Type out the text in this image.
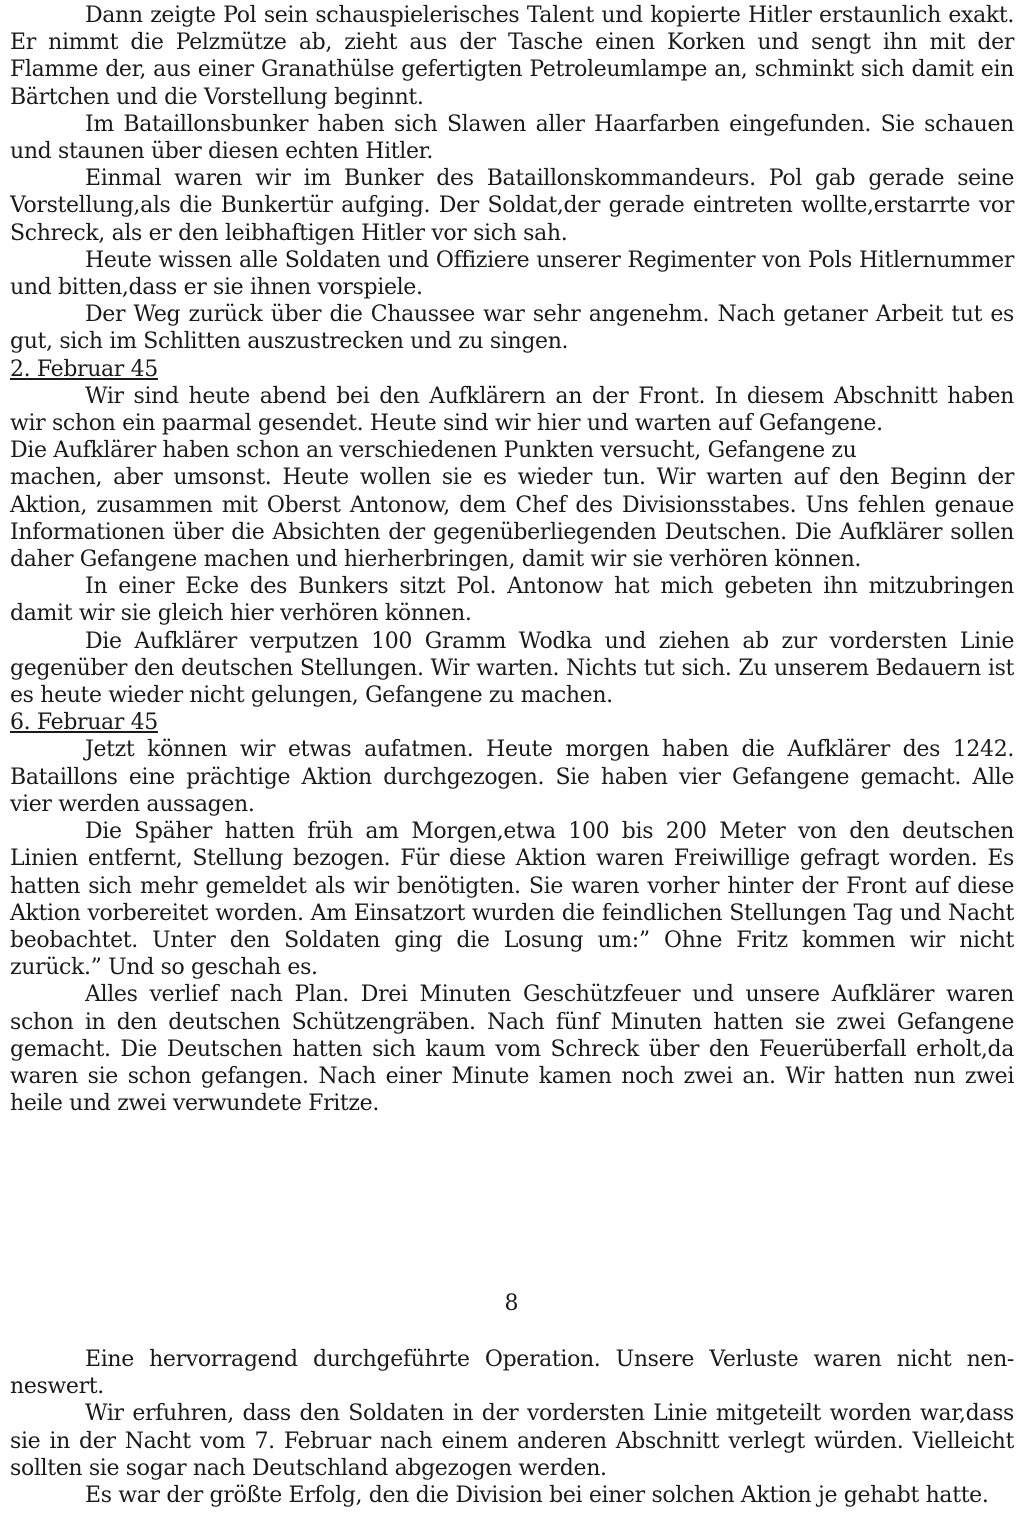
Dann zeigte Pol sein schauspielerisches Talent und kopierte Hitler erstaunlich exakt. Er nimmt die Pelzmütze ab, zieht aus der Tasche einen Korken und sengt ihn mit der Flamme der, aus einer Granathülse gefertigten Petroleumlampe an, schminkt sich damit ein Bärtchen und die Vorstellung beginnt.

Im Bataillonsbunker haben sich Slawen aller Haarfarben eingefunden. Sie schauen und staunen über diesen echten Hitler.

Einmal waren wir im Bunker des Bataillonskommandeurs. Pol gab gerade seine Vorstellung,als die Bunkertür aufging. Der Soldat,der gerade eintreten wollte,erstarrte vor Schreck, als er den leibhaftigen Hitler vor sich sah.

Heute wissen alle Soldaten und Offiziere unserer Regimenter von Pols Hitlernummer und bitten,dass er sie ihnen vorspiele.

Der Weg zurück über die Chaussee war sehr angenehm. Nach getaner Arbeit tut es gut, sich im Schlitten auszustrecken und zu singen.

2. Februar 45

Wir sind heute abend bei den Aufklärern an der Front. In diesem Abschnitt haben wir schon ein paarmal gesendet. Heute sind wir hier und warten auf Gefangene.

Die Aufklärer haben schon an verschiedenen Punkten versucht, Gefangene zu

machen, aber umsonst. Heute wollen sie es wieder tun. Wir warten auf den Beginn der Aktion, zusammen mit Oberst Antonow, dem Chef des Divisionsstabes. Uns fehlen genaue Informationen über die Absichten der gegenüberliegenden Deutschen. Die Aufklärer sollen daher Gefangene machen und hierherbringen, damit wir sie verhören können.

In einer Ecke des Bunkers sitzt Pol. Antonow hat mich gebeten ihn mitzubringen damit wir sie gleich hier verhören können.

Die Aufklärer verputzen 100 Gramm Wodka und ziehen ab zur vordersten Linie gegenüber den deutschen Stellungen. Wir warten. Nichts tut sich. Zu unserem Bedauern ist es heute wieder nicht gelungen, Gefangene zu machen.

6. Februar 45

Jetzt können wir etwas aufatmen. Heute morgen haben die Aufklärer des 1242. Bataillons eine prächtige Aktion durchgezogen. Sie haben vier Gefangene gemacht. Alle vier werden aussagen.

Die Späher hatten früh am Morgen,etwa 100 bis 200 Meter von den deutschen Linien entfernt, Stellung bezogen. Für diese Aktion waren Freiwillige gefragt worden. Es hatten sich mehr gemeldet als wir benötigten. Sie waren vorher hinter der Front auf diese Aktion vorbereitet worden. Am Einsatzort wurden die feindlichen Stellungen Tag und Nacht beobachtet. Unter den Soldaten ging die Losung um:” Ohne Fritz kommen wir nicht zurück.” Und so geschah es.

Alles verlief nach Plan. Drei Minuten Geschützfeuer und unsere Aufklärer waren schon in den deutschen Schützengräben. Nach fünf Minuten hatten sie zwei Gefangene gemacht. Die Deutschen hatten sich kaum vom Schreck über den Feuerüberfall erholt,da waren sie schon gefangen. Nach einer Minute kamen noch zwei an. Wir hatten nun zwei heile und zwei verwundete Fritze.

8

Eine hervorragend durchgeführte Operation. Unsere Verluste waren nicht nen-neswert.

Wir erfuhren, dass den Soldaten in der vordersten Linie mitgeteilt worden war,dass sie in der Nacht vom 7. Februar nach einem anderen Abschnitt verlegt würden. Vielleicht sollten sie sogar nach Deutschland abgezogen werden.

Es war der größte Erfolg, den die Division bei einer solchen Aktion je gehabt hatte.
